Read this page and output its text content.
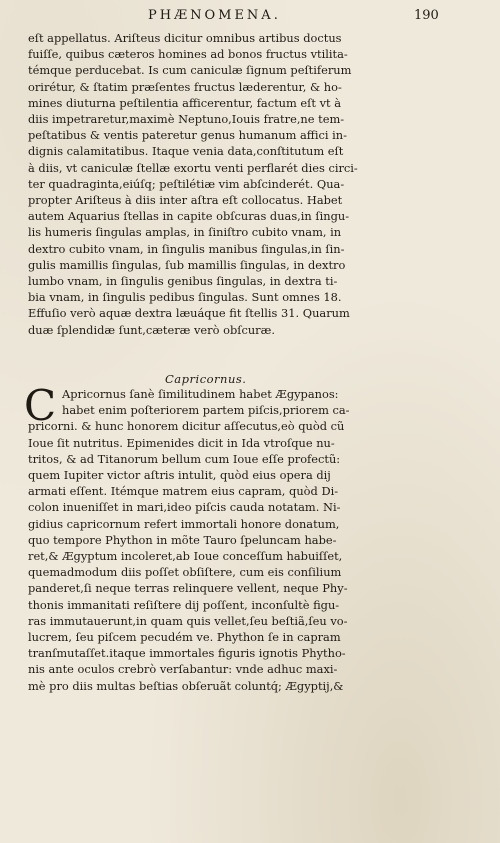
PHÆNOMENA.	190
eſt appellatus. Ariſteus dicitur omnibus artibus doctus
fuiſſe, quibus cæteros homines ad bonos fructus vtilita-
témque perducebat. Is cum caniculæ ſignum peſtiferum
orirétur, & ſtatim præſentes fructus læderentur, & ho-
mines diuturna peſtilentia afficerentur, factum eſt vt à
diis impetraretur,maximè Neptuno,Iouis fratre,ne tem-
peſtatibus & ventis pateretur genus humanum affici in-
dignis calamitatibus. Itaque venia data,conſtitutum eſt
à diis, vt caniculæ ſtellæ exortu venti perflarét dies circi-
ter quadraginta,eiúſq; peſtilétiæ vim abſcinderét. Qua-
propter Ariſteus à diis inter aſtra eſt collocatus. Habet
autem Aquarius ſtellas in capite obſcuras duas,in ſingu-
lis humeris ſingulas amplas, in ſiniſtro cubito vnam, in
dextro cubito vnam, in ſingulis manibus ſingulas,in ſin-
gulis mamillis ſingulas, ſub mamillis ſingulas, in dextro
lumbo vnam, in ſingulis genibus ſingulas, in dextra ti-
bia vnam, in ſingulis pedibus ſingulas. Sunt omnes 18.
Effuſio verò aquæ dextra læuáque fit ſtellis 31. Quarum
duæ ſplendidæ ſunt,cæteræ verò obſcuræ.
Capricornus.
C Apricornus ſanè ſimilitudinem habet Ægypanos:
habet enim poſteriorem partem piſcis,priorem ca-
pricorni. & hunc honorem dicitur aſſecutus,eò quòd cũ
Ioue ſit nutritus. Epimenides dicit in Ida vtroſque nu-
tritos, & ad Titanorum bellum cum Ioue eſſe profectũ:
quem Iupiter victor aſtris intulit, quòd eius opera dij
armati eſſent. Itémque matrem eius capram, quòd Di-
colon inueniſſet in mari,ideo piſcis cauda notatam. Ni-
gidius capricornum refert immortali honore donatum,
quo tempore Phython in mõte Tauro ſpeluncam habe-
ret,& Ægyptum incoleret,ab Ioue conceſſum habuiſſet,
quemadmodum diis poſſet obſiſtere, cum eis conſilium
panderet,ſi neque terras relinquere vellent, neque Phy-
thonis immanitati reſiſtere dij poſſent, inconſultè figu-
ras immutauerunt,in quam quis vellet,ſeu beſtiã,ſeu vo-
lucrem, ſeu piſcem pecudém ve. Phython ſe in capram
tranſmutaſſet.itaque immortales figuris ignotis Phytho-
nis ante oculos crebrò verſabantur: vnde adhuc maxi-
mè pro diis multas beſtias obſeruãt coluntq́; Ægyptij,&
